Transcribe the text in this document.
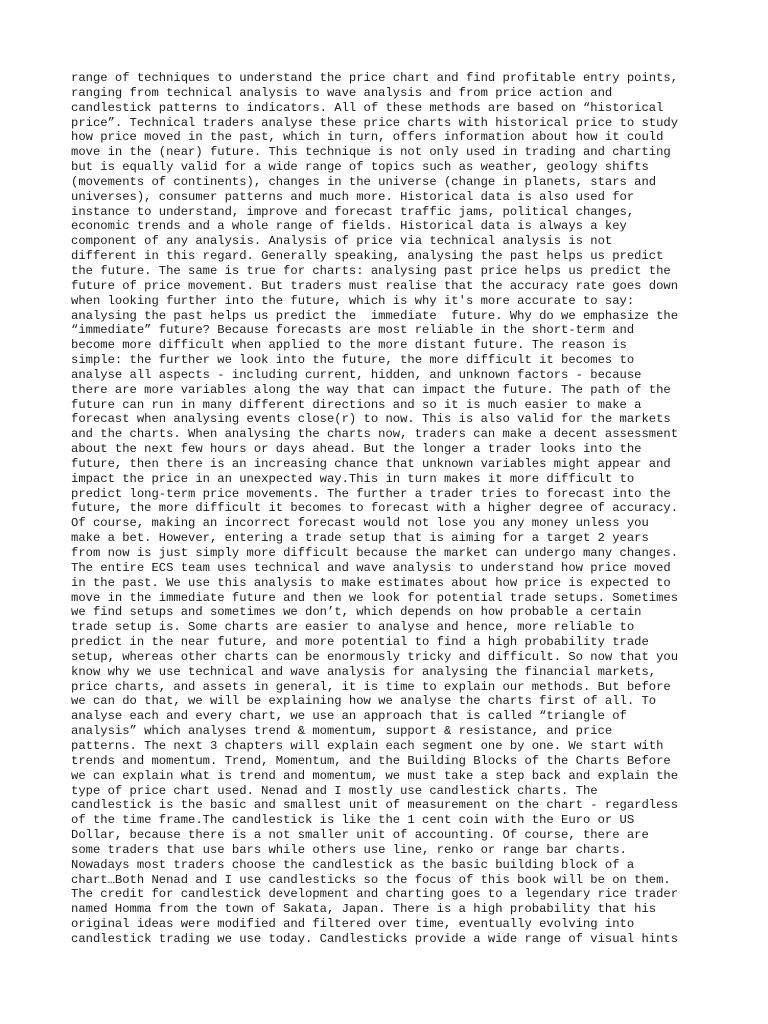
range of techniques to understand the price chart and find profitable entry points,
ranging from technical analysis to wave analysis and from price action and
candlestick patterns to indicators. All of these methods are based on “historical
price”. Technical traders analyse these price charts with historical price to study
how price moved in the past, which in turn, offers information about how it could
move in the (near) future. This technique is not only used in trading and charting
but is equally valid for a wide range of topics such as weather, geology shifts
(movements of continents), changes in the universe (change in planets, stars and
universes), consumer patterns and much more. Historical data is also used for
instance to understand, improve and forecast traffic jams, political changes,
economic trends and a whole range of fields. Historical data is always a key
component of any analysis. Analysis of price via technical analysis is not
different in this regard. Generally speaking, analysing the past helps us predict
the future. The same is true for charts: analysing past price helps us predict the
future of price movement. But traders must realise that the accuracy rate goes down
when looking further into the future, which is why it's more accurate to say:
analysing the past helps us predict the  immediate  future. Why do we emphasize the
“immediate” future? Because forecasts are most reliable in the short-term and
become more difficult when applied to the more distant future. The reason is
simple: the further we look into the future, the more difficult it becomes to
analyse all aspects - including current, hidden, and unknown factors - because
there are more variables along the way that can impact the future. The path of the
future can run in many different directions and so it is much easier to make a
forecast when analysing events close(r) to now. This is also valid for the markets
and the charts. When analysing the charts now, traders can make a decent assessment
about the next few hours or days ahead. But the longer a trader looks into the
future, then there is an increasing chance that unknown variables might appear and
impact the price in an unexpected way.This in turn makes it more difficult to
predict long-term price movements. The further a trader tries to forecast into the
future, the more difficult it becomes to forecast with a higher degree of accuracy.
Of course, making an incorrect forecast would not lose you any money unless you
make a bet. However, entering a trade setup that is aiming for a target 2 years
from now is just simply more difficult because the market can undergo many changes.
The entire ECS team uses technical and wave analysis to understand how price moved
in the past. We use this analysis to make estimates about how price is expected to
move in the immediate future and then we look for potential trade setups. Sometimes
we find setups and sometimes we don’t, which depends on how probable a certain
trade setup is. Some charts are easier to analyse and hence, more reliable to
predict in the near future, and more potential to find a high probability trade
setup, whereas other charts can be enormously tricky and difficult. So now that you
know why we use technical and wave analysis for analysing the financial markets,
price charts, and assets in general, it is time to explain our methods. But before
we can do that, we will be explaining how we analyse the charts first of all. To
analyse each and every chart, we use an approach that is called “triangle of
analysis” which analyses trend & momentum, support & resistance, and price
patterns. The next 3 chapters will explain each segment one by one. We start with
trends and momentum. Trend, Momentum, and the Building Blocks of the Charts Before
we can explain what is trend and momentum, we must take a step back and explain the
type of price chart used. Nenad and I mostly use candlestick charts. The
candlestick is the basic and smallest unit of measurement on the chart - regardless
of the time frame.The candlestick is like the 1 cent coin with the Euro or US
Dollar, because there is a not smaller unit of accounting. Of course, there are
some traders that use bars while others use line, renko or range bar charts.
Nowadays most traders choose the candlestick as the basic building block of a
chart…Both Nenad and I use candlesticks so the focus of this book will be on them.
The credit for candlestick development and charting goes to a legendary rice trader
named Homma from the town of Sakata, Japan. There is a high probability that his
original ideas were modified and filtered over time, eventually evolving into
candlestick trading we use today. Candlesticks provide a wide range of visual hints
